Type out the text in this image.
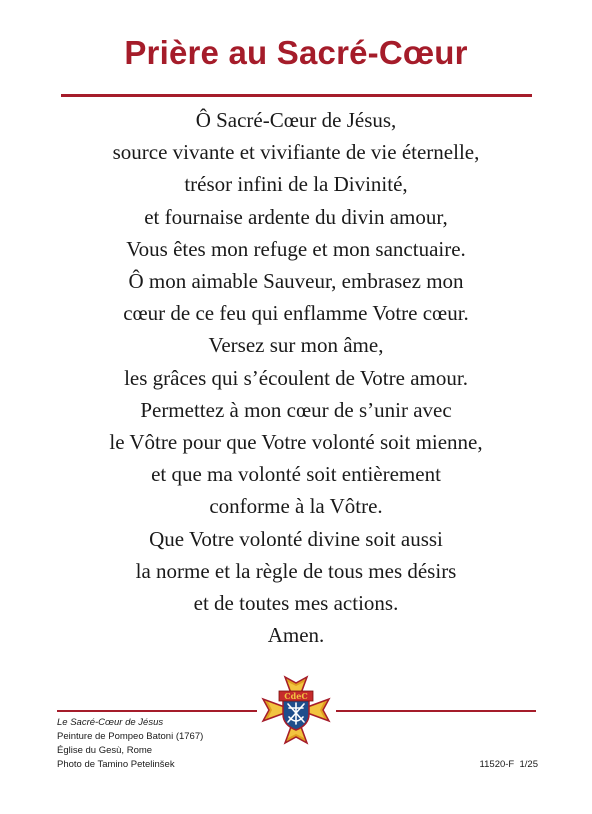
Prière au Sacré-Cœur
Ô Sacré-Cœur de Jésus,
source vivante et vivifiante de vie éternelle,
trésor infini de la Divinité,
et fournaise ardente du divin amour,
Vous êtes mon refuge et mon sanctuaire.
Ô mon aimable Sauveur, embrasez mon
cœur de ce feu qui enflamme Votre cœur.
Versez sur mon âme,
les grâces qui s’écoulent de Votre amour.
Permettez à mon cœur de s’unir avec
le Vôtre pour que Votre volonté soit mienne,
et que ma volonté soit entièrement
conforme à la Vôtre.
Que Votre volonté divine soit aussi
la norme et la règle de tous mes désirs
et de toutes mes actions.
Amen.
CdeC
Le Sacré-Cœur de Jésus
Peinture de Pompeo Batoni (1767)
Église du Gesù, Rome
Photo de Tamino Petelinšek	11520-F  1/25
